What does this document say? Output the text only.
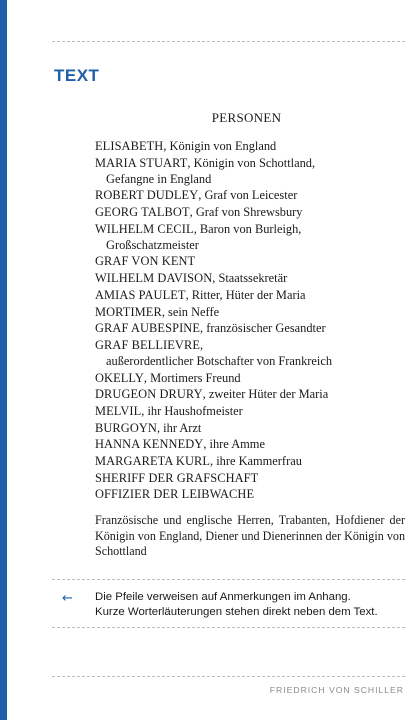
TEXT
PERSONEN
ELISABETH, Königin von England
MARIA STUART, Königin von Schottland,
Gefangne in England
ROBERT DUDLEY, Graf von Leicester
GEORG TALBOT, Graf von Shrewsbury
WILHELM CECIL, Baron von Burleigh,
Großschatzmeister
GRAF VON KENT
WILHELM DAVISON, Staatssekretär
AMIAS PAULET, Ritter, Hüter der Maria
MORTIMER, sein Neffe
GRAF AUBESPINE, französischer Gesandter
GRAF BELLIEVRE,
außerordentlicher Botschafter von Frankreich
OKELLY, Mortimers Freund
DRUGEON DRURY, zweiter Hüter der Maria
MELVIL, ihr Haushofmeister
BURGOYN, ihr Arzt
HANNA KENNEDY, ihre Amme
MARGARETA KURL, ihre Kammerfrau
SHERIFF DER GRAFSCHAFT
OFFIZIER DER LEIBWACHE
Französische und englische Herren, Trabanten, Hofdiener der Königin von England, Diener und Dienerinnen der Königin von Schottland
← Die Pfeile verweisen auf Anmerkungen im Anhang.
Kurze Worterläuterungen stehen direkt neben dem Text.
FRIEDRICH VON SCHILLER
